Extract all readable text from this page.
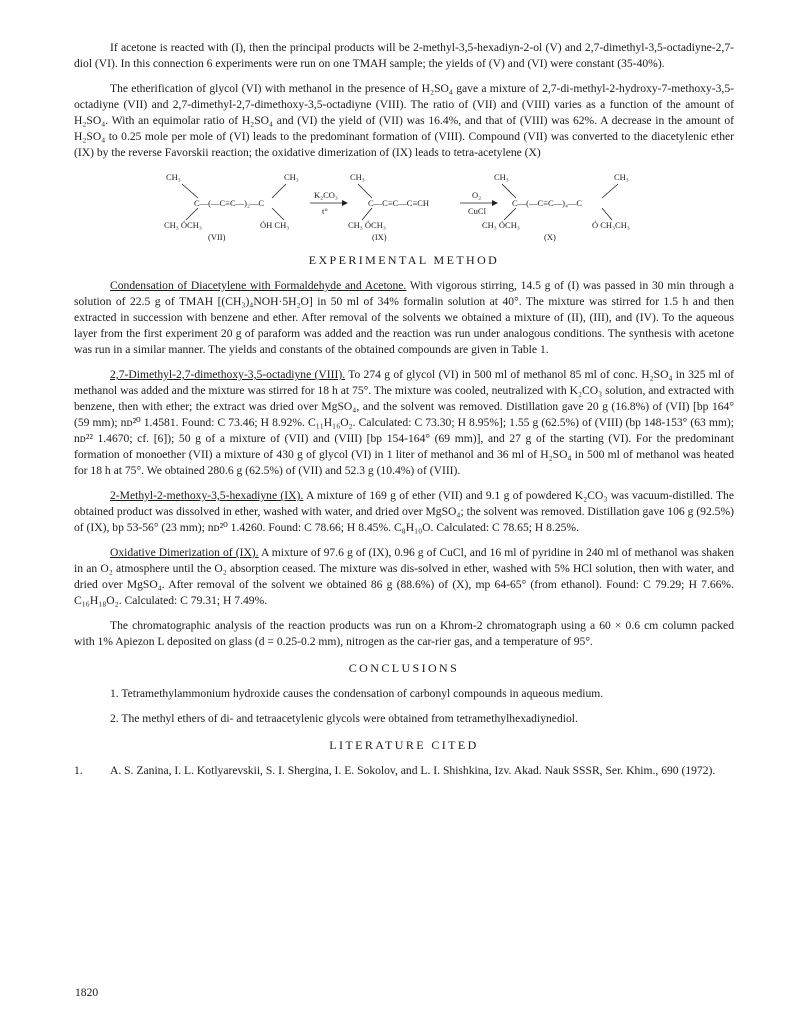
If acetone is reacted with (I), then the principal products will be 2-methyl-3,5-hexadiyn-2-ol (V) and 2,7-dimethyl-3,5-octadiyne-2,7-diol (VI). In this connection 6 experiments were run on one TMAH sample; the yields of (V) and (VI) were constant (35-40%).

The etherification of glycol (VI) with methanol in the presence of H₂SO₄ gave a mixture of 2,7-di-methyl-2-hydroxy-7-methoxy-3,5-octadiyne (VII) and 2,7-dimethyl-2,7-dimethoxy-3,5-octadiyne (VIII). The ratio of (VII) and (VIII) varies as a function of the amount of H₂SO₄. With an equimolar ratio of H₂SO₄ and (VI) the yield of (VII) was 16.4%, and that of (VIII) was 62%. A decrease in the amount of H₂SO₄ to 0.25 mole per mole of (VI) leads to the predominant formation of (VIII). Compound (VII) was converted to the diacetylenic ether (IX) by the reverse Favorskii reaction; the oxidative dimerization of (IX) leads to tetra-acetylene (X)

CH₃	CH₃
C—(—C≡C—)₂—C
CH₃ ÓCH₃	ÓH CH₃
(VII)
K₂CO₃
t°
CH₃
C—C≡C—C≡CH
CH₃ ÓCH₃
(IX)
O₂
CuCl
CH₃	CH₃
C—(—C≡C—)₄—C
CH₃ ÓCH₃	Ó CH₃CH₃
(X)
EXPERIMENTAL METHOD

Condensation of Diacetylene with Formaldehyde and Acetone. With vigorous stirring, 14.5 g of (I) was passed in 30 min through a solution of 22.5 g of TMAH [(CH₃)₄NOH·5H₂O] in 50 ml of 34% formalin solution at 40°. The mixture was stirred for 1.5 h and then extracted in succession with benzene and ether. After removal of the solvents we obtained a mixture of (II), (III), and (IV). To the aqueous layer from the first experiment 20 g of paraform was added and the reaction was run under analogous conditions. The synthesis with acetone was run in a similar manner. The yields and constants of the obtained compounds are given in Table 1.

2,7-Dimethyl-2,7-dimethoxy-3,5-octadiyne (VIII). To 274 g of glycol (VI) in 500 ml of methanol 85 ml of conc. H₂SO₄ in 325 ml of methanol was added and the mixture was stirred for 18 h at 75°. The mixture was cooled, neutralized with K₂CO₃ solution, and extracted with benzene, then with ether; the extract was dried over MgSO₄, and the solvent was removed. Distillation gave 20 g (16.8%) of (VII) [bp 164° (59 mm); nᴅ²⁰ 1.4581. Found: C 73.46; H 8.92%. C₁₁H₁₆O₂. Calculated: C 73.30; H 8.95%]; 1.55 g (62.5%) of (VIII) (bp 148-153° (63 mm); nᴅ²² 1.4670; cf. [6]); 50 g of a mixture of (VII) and (VIII) [bp 154-164° (69 mm)], and 27 g of the starting (VI). For the predominant formation of monoether (VII) a mixture of 430 g of glycol (VI) in 1 liter of methanol and 36 ml of H₂SO₄ in 500 ml of methanol was heated for 18 h at 75°. We obtained 280.6 g (62.5%) of (VII) and 52.3 g (10.4%) of (VIII).

2-Methyl-2-methoxy-3,5-hexadiyne (IX). A mixture of 169 g of ether (VII) and 9.1 g of powdered K₂CO₃ was vacuum-distilled. The obtained product was dissolved in ether, washed with water, and dried over MgSO₄; the solvent was removed. Distillation gave 106 g (92.5%) of (IX), bp 53-56° (23 mm); nᴅ²⁰ 1.4260. Found: C 78.66; H 8.45%. C₈H₁₀O. Calculated: C 78.65; H 8.25%.

Oxidative Dimerization of (IX). A mixture of 97.6 g of (IX), 0.96 g of CuCl, and 16 ml of pyridine in 240 ml of methanol was shaken in an O₂ atmosphere until the O₂ absorption ceased. The mixture was dis-solved in ether, washed with 5% HCl solution, then with water, and dried over MgSO₄. After removal of the solvent we obtained 86 g (88.6%) of (X), mp 64-65° (from ethanol). Found: C 79.29; H 7.66%. C₁₆H₁₈O₂. Calculated: C 79.31; H 7.49%.

The chromatographic analysis of the reaction products was run on a Khrom-2 chromatograph using a 60 × 0.6 cm column packed with 1% Apiezon L deposited on glass (d = 0.25-0.2 mm), nitrogen as the car-rier gas, and a temperature of 95°.

CONCLUSIONS

1. Tetramethylammonium hydroxide causes the condensation of carbonyl compounds in aqueous medium.

2. The methyl ethers of di- and tetraacetylenic glycols were obtained from tetramethylhexadiynediol.

LITERATURE CITED
1.	A. S. Zanina, I. L. Kotlyarevskii, S. I. Shergina, I. E. Sokolov, and L. I. Shishkina, Izv. Akad. Nauk SSSR, Ser. Khim., 690 (1972).
1820
